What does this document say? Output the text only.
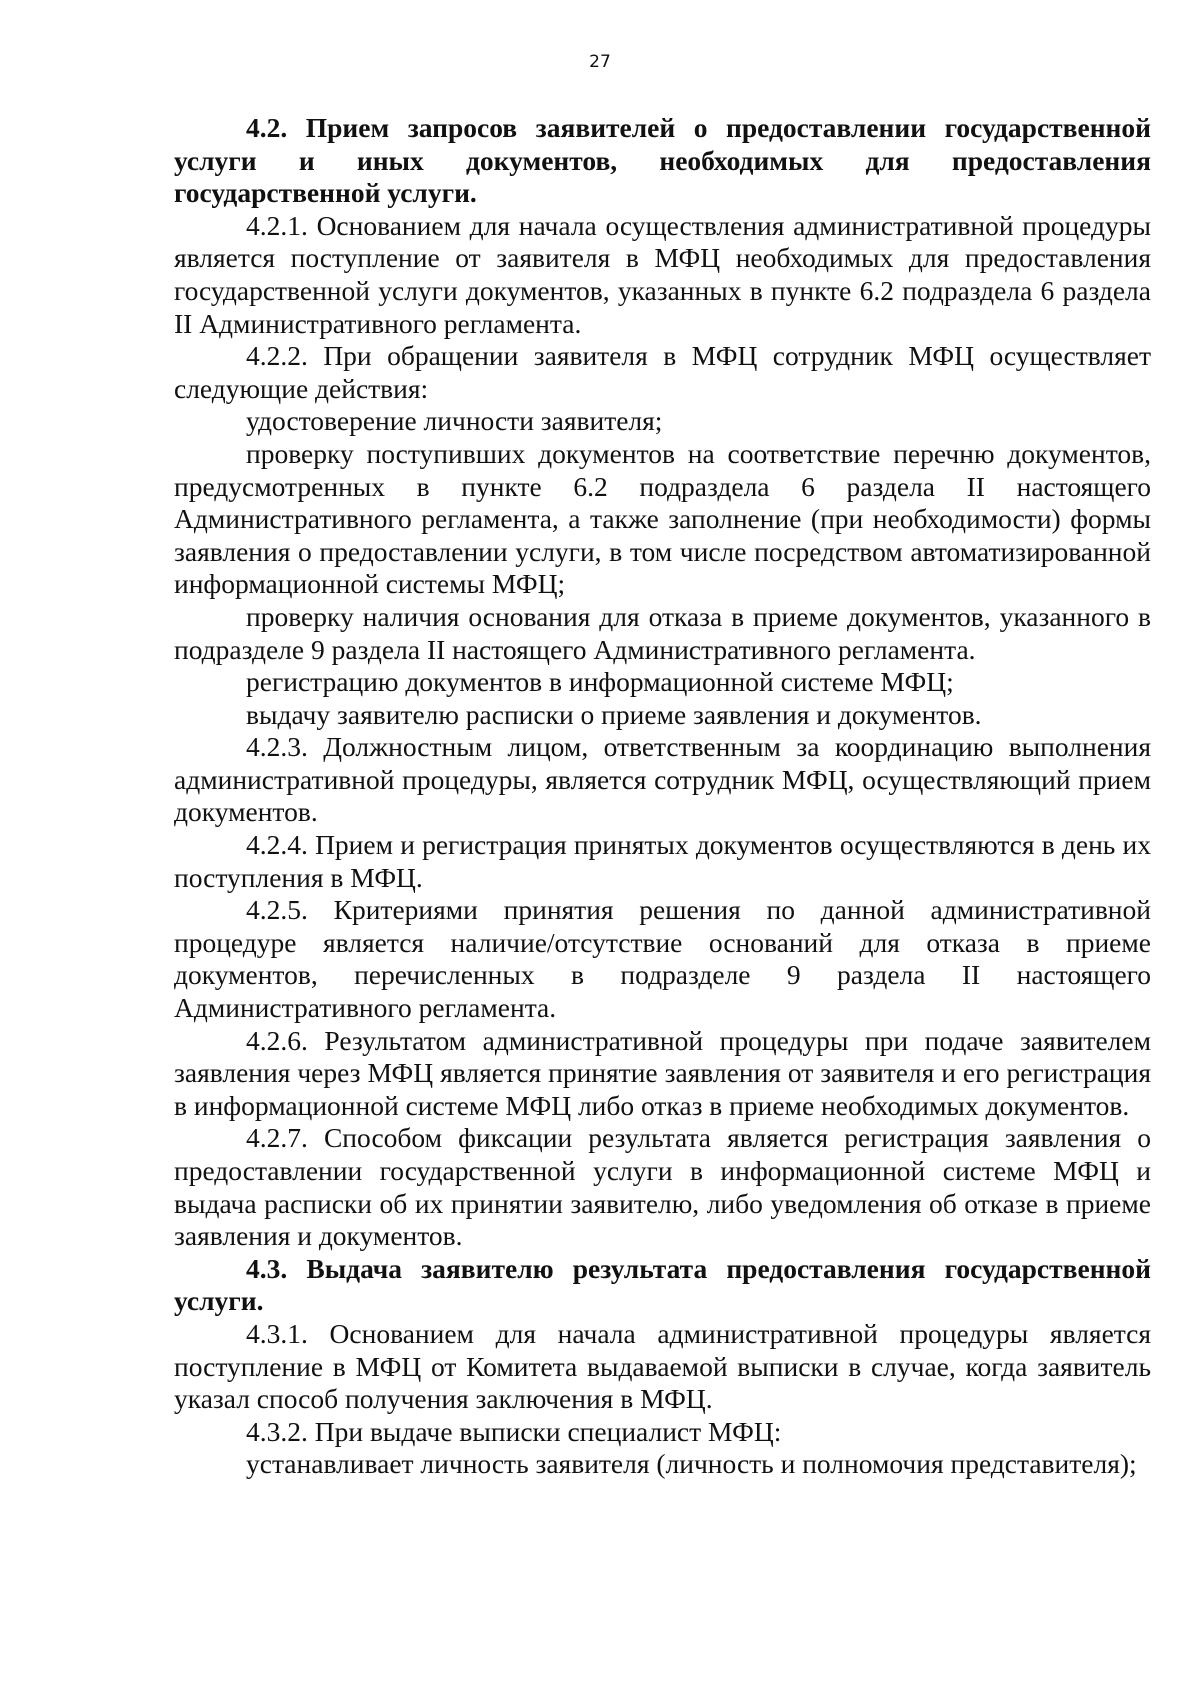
27

4.2. Прием запросов заявителей о предоставлении государственной услуги и иных документов, необходимых для предоставления государственной услуги.

4.2.1. Основанием для начала осуществления административной процедуры является поступление от заявителя в МФЦ необходимых для предоставления государственной услуги документов, указанных в пункте 6.2 подраздела 6 раздела II Административного регламента.

4.2.2. При обращении заявителя в МФЦ сотрудник МФЦ осуществляет следующие действия:

удостоверение личности заявителя;

проверку поступивших документов на соответствие перечню документов, предусмотренных в пункте 6.2 подраздела 6 раздела II настоящего Административного регламента, а также заполнение (при необходимости) формы заявления о предоставлении услуги, в том числе посредством автоматизированной информационной системы МФЦ;

проверку наличия основания для отказа в приеме документов, указанного в подразделе 9 раздела II настоящего Административного регламента.

регистрацию документов в информационной системе МФЦ;

выдачу заявителю расписки о приеме заявления и документов.

4.2.3. Должностным лицом, ответственным за координацию выполнения административной процедуры, является сотрудник МФЦ, осуществляющий прием документов.

4.2.4. Прием и регистрация принятых документов осуществляются в день их поступления в МФЦ.

4.2.5. Критериями принятия решения по данной административной процедуре является наличие/отсутствие оснований для отказа в приеме документов, перечисленных в подразделе 9 раздела II настоящего Административного регламента.

4.2.6. Результатом административной процедуры при подаче заявителем заявления через МФЦ является принятие заявления от заявителя и его регистрация в информационной системе МФЦ либо отказ в приеме необходимых документов.

4.2.7. Способом фиксации результата является регистрация заявления о предоставлении государственной услуги в информационной системе МФЦ и выдача расписки об их принятии заявителю, либо уведомления об отказе в приеме заявления и документов.

4.3. Выдача заявителю результата предоставления государственной услуги.

4.3.1. Основанием для начала административной процедуры является поступление в МФЦ от Комитета выдаваемой выписки в случае, когда заявитель указал способ получения заключения в МФЦ.

4.3.2. При выдаче выписки специалист МФЦ:

устанавливает личность заявителя (личность и полномочия представителя);
